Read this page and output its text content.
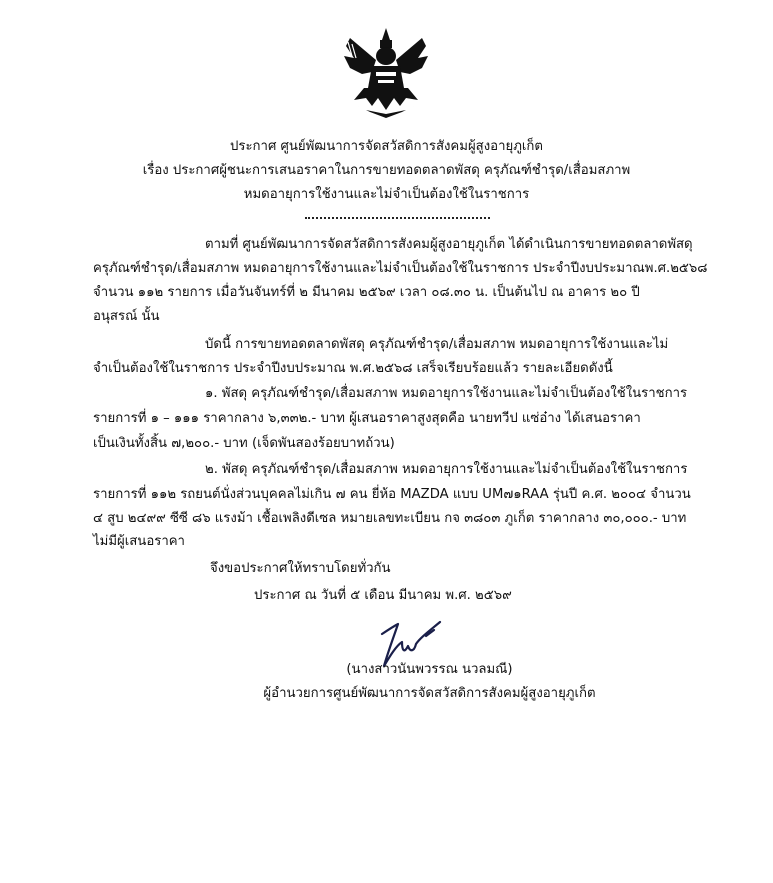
ประกาศ ศูนย์พัฒนาการจัดสวัสดิการสังคมผู้สูงอายุภูเก็ต
เรื่อง ประกาศผู้ชนะการเสนอราคาในการขายทอดตลาดพัสดุ ครุภัณฑ์ชำรุด/เสื่อมสภาพ
หมดอายุการใช้งานและไม่จำเป็นต้องใช้ในราชการ
ตามที่ ศูนย์พัฒนาการจัดสวัสดิการสังคมผู้สูงอายุภูเก็ต ได้ดำเนินการขายทอดตลาดพัสดุ
ครุภัณฑ์ชำรุด/เสื่อมสภาพ หมดอายุการใช้งานและไม่จำเป็นต้องใช้ในราชการ ประจำปีงบประมาณพ.ศ.๒๕๖๘
จำนวน ๑๑๒ รายการ เมื่อวันจันทร์ที่ ๒ มีนาคม ๒๕๖๙ เวลา ๐๘.๓๐ น. เป็นต้นไป ณ อาคาร ๒๐ ปี
อนุสรณ์ นั้น
บัดนี้ การขายทอดตลาดพัสดุ ครุภัณฑ์ชำรุด/เสื่อมสภาพ หมดอายุการใช้งานและไม่
จำเป็นต้องใช้ในราชการ ประจำปีงบประมาณ พ.ศ.๒๕๖๘ เสร็จเรียบร้อยแล้ว รายละเอียดดังนี้
๑. พัสดุ ครุภัณฑ์ชำรุด/เสื่อมสภาพ หมดอายุการใช้งานและไม่จำเป็นต้องใช้ในราชการ
รายการที่ ๑ – ๑๑๑ ราคากลาง ๖,๓๓๒.- บาท ผู้เสนอราคาสูงสุดคือ นายทวีป แซ่อ๋าง ได้เสนอราคา
เป็นเงินทั้งสิ้น ๗,๒๐๐.- บาท (เจ็ดพันสองร้อยบาทถ้วน)
๒. พัสดุ ครุภัณฑ์ชำรุด/เสื่อมสภาพ หมดอายุการใช้งานและไม่จำเป็นต้องใช้ในราชการ
รายการที่ ๑๑๒ รถยนต์นั่งส่วนบุคคลไม่เกิน ๗ คน ยี่ห้อ MAZDA แบบ UM๗๑RAA รุ่นปี ค.ศ. ๒๐๐๔ จำนวน
๔ สูบ ๒๔๙๙ ซีซี ๘๖ แรงม้า เชื้อเพลิงดีเซล หมายเลขทะเบียน กจ ๓๘๐๓ ภูเก็ต ราคากลาง ๓๐,๐๐๐.- บาท
ไม่มีผู้เสนอราคา
จึงขอประกาศให้ทราบโดยทั่วกัน
ประกาศ ณ วันที่ ๕ เดือน มีนาคม พ.ศ. ๒๕๖๙
(นางสาวนันพวรรณ นวลมณี)
ผู้อำนวยการศูนย์พัฒนาการจัดสวัสดิการสังคมผู้สูงอายุภูเก็ต
